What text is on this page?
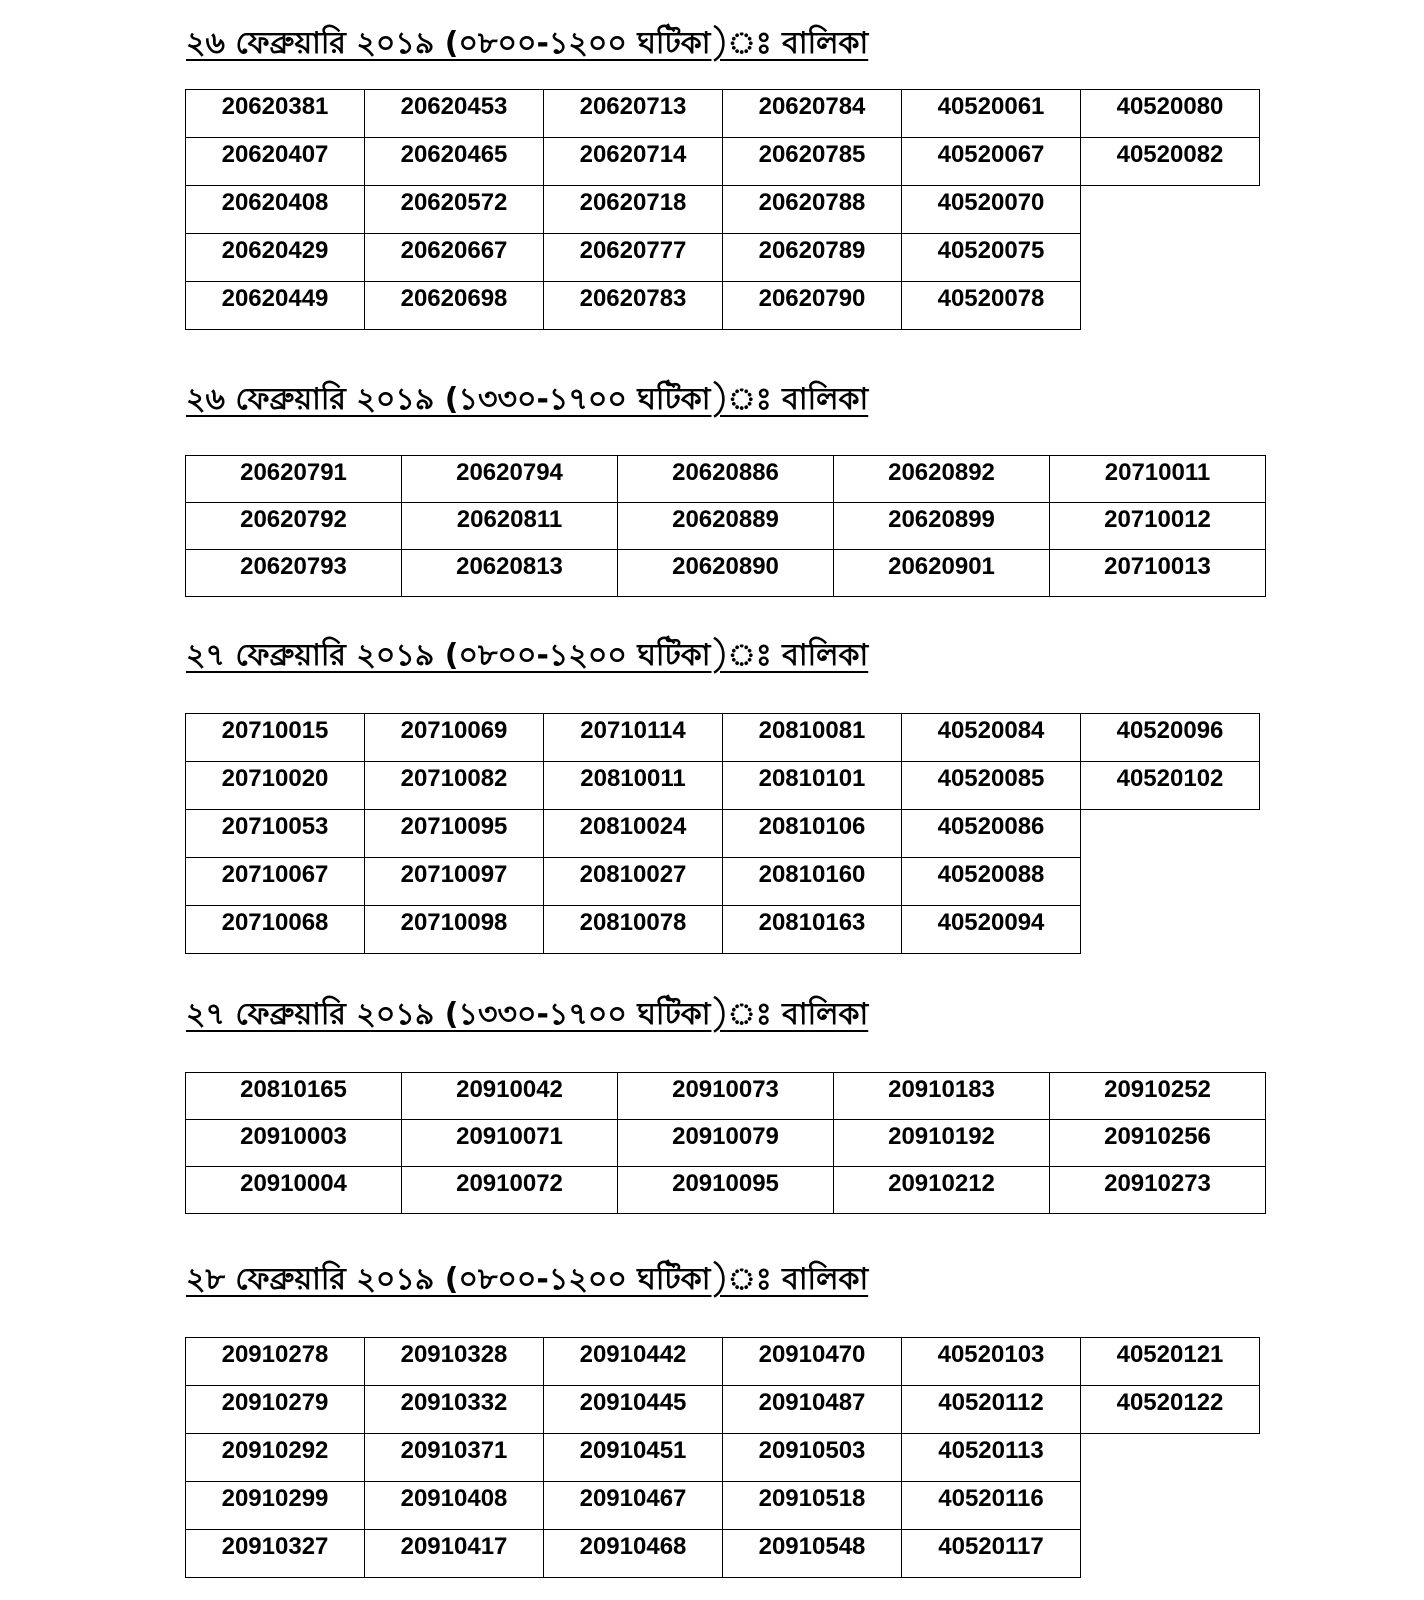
২৬ ফেব্রুয়ারি ২০১৯ (০৮০০-১২০০ ঘটিকা)ঃ বালিকা
20620381
20620407
20620408
20620429
20620449
20620453
20620465
20620572
20620667
20620698
20620713
20620714
20620718
20620777
20620783
20620784
20620785
20620788
20620789
20620790
40520061
40520067
40520070
40520075
40520078
40520080
40520082
২৬ ফেব্রুয়ারি ২০১৯ (১৩৩০-১৭০০ ঘটিকা)ঃ বালিকা
20620791
20620792
20620793
20620794
20620811
20620813
20620886
20620889
20620890
20620892
20620899
20620901
20710011
20710012
20710013
২৭ ফেব্রুয়ারি ২০১৯ (০৮০০-১২০০ ঘটিকা)ঃ বালিকা
20710015
20710020
20710053
20710067
20710068
20710069
20710082
20710095
20710097
20710098
20710114
20810011
20810024
20810027
20810078
20810081
20810101
20810106
20810160
20810163
40520084
40520085
40520086
40520088
40520094
40520096
40520102
২৭ ফেব্রুয়ারি ২০১৯ (১৩৩০-১৭০০ ঘটিকা)ঃ বালিকা
20810165
20910003
20910004
20910042
20910071
20910072
20910073
20910079
20910095
20910183
20910192
20910212
20910252
20910256
20910273
২৮ ফেব্রুয়ারি ২০১৯ (০৮০০-১২০০ ঘটিকা)ঃ বালিকা
20910278
20910279
20910292
20910299
20910327
20910328
20910332
20910371
20910408
20910417
20910442
20910445
20910451
20910467
20910468
20910470
20910487
20910503
20910518
20910548
40520103
40520112
40520113
40520116
40520117
40520121
40520122
